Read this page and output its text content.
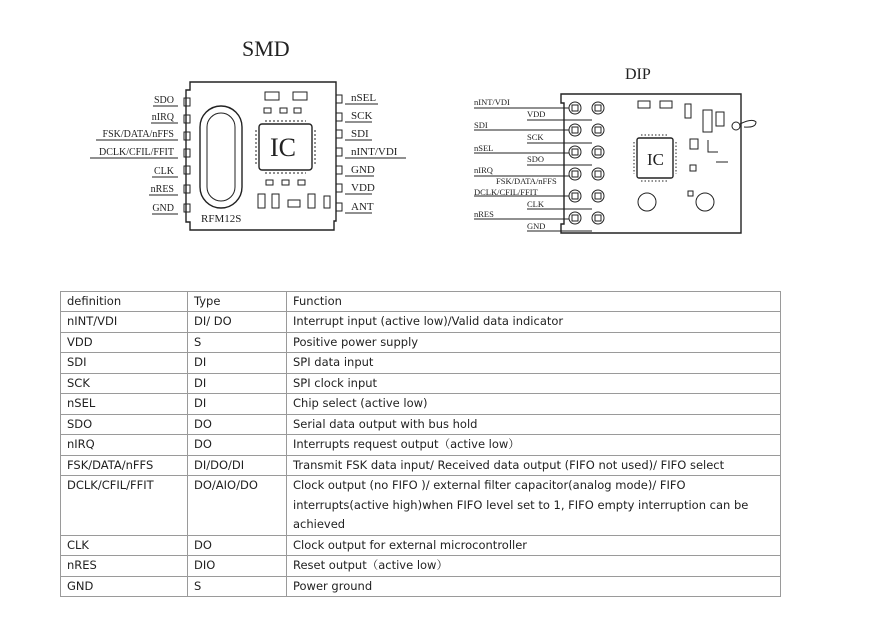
SMD
IC
RFM12S
SDO
nIRQ
FSK/DATA/nFFS
DCLK/CFIL/FFIT
CLK
nRES
GND
nSEL
SCK
SDI
nINT/VDI
GND
VDD
ANT
DIP
IC
nINT/VDI
VDD
SDI
SCK
nSEL
SDO
nIRQ
FSK/DATA/nFFS
DCLK/CFIL/FFIT
CLK
nRES
GND
definition	Type	Function
nINT/VDI	DI/ DO	Interrupt input (active low)/Valid data indicator
VDD	S	Positive power supply
SDI	DI	SPI data input
SCK	DI	SPI clock input
nSEL	DI	Chip select (active low)
SDO	DO	Serial data output with bus hold
nIRQ	DO	Interrupts request output（active low）
FSK/DATA/nFFS	DI/DO/DI	Transmit FSK data input/ Received data output (FIFO not used)/ FIFO select
DCLK/CFIL/FFIT	DO/AIO/DO	Clock output (no FIFO )/ external filter capacitor(analog mode)/ FIFO interrupts(active high)when FIFO level set to 1, FIFO empty interruption can be achieved
CLK	DO	Clock output for external microcontroller
nRES	DIO	Reset output（active low）
GND	S	Power ground
